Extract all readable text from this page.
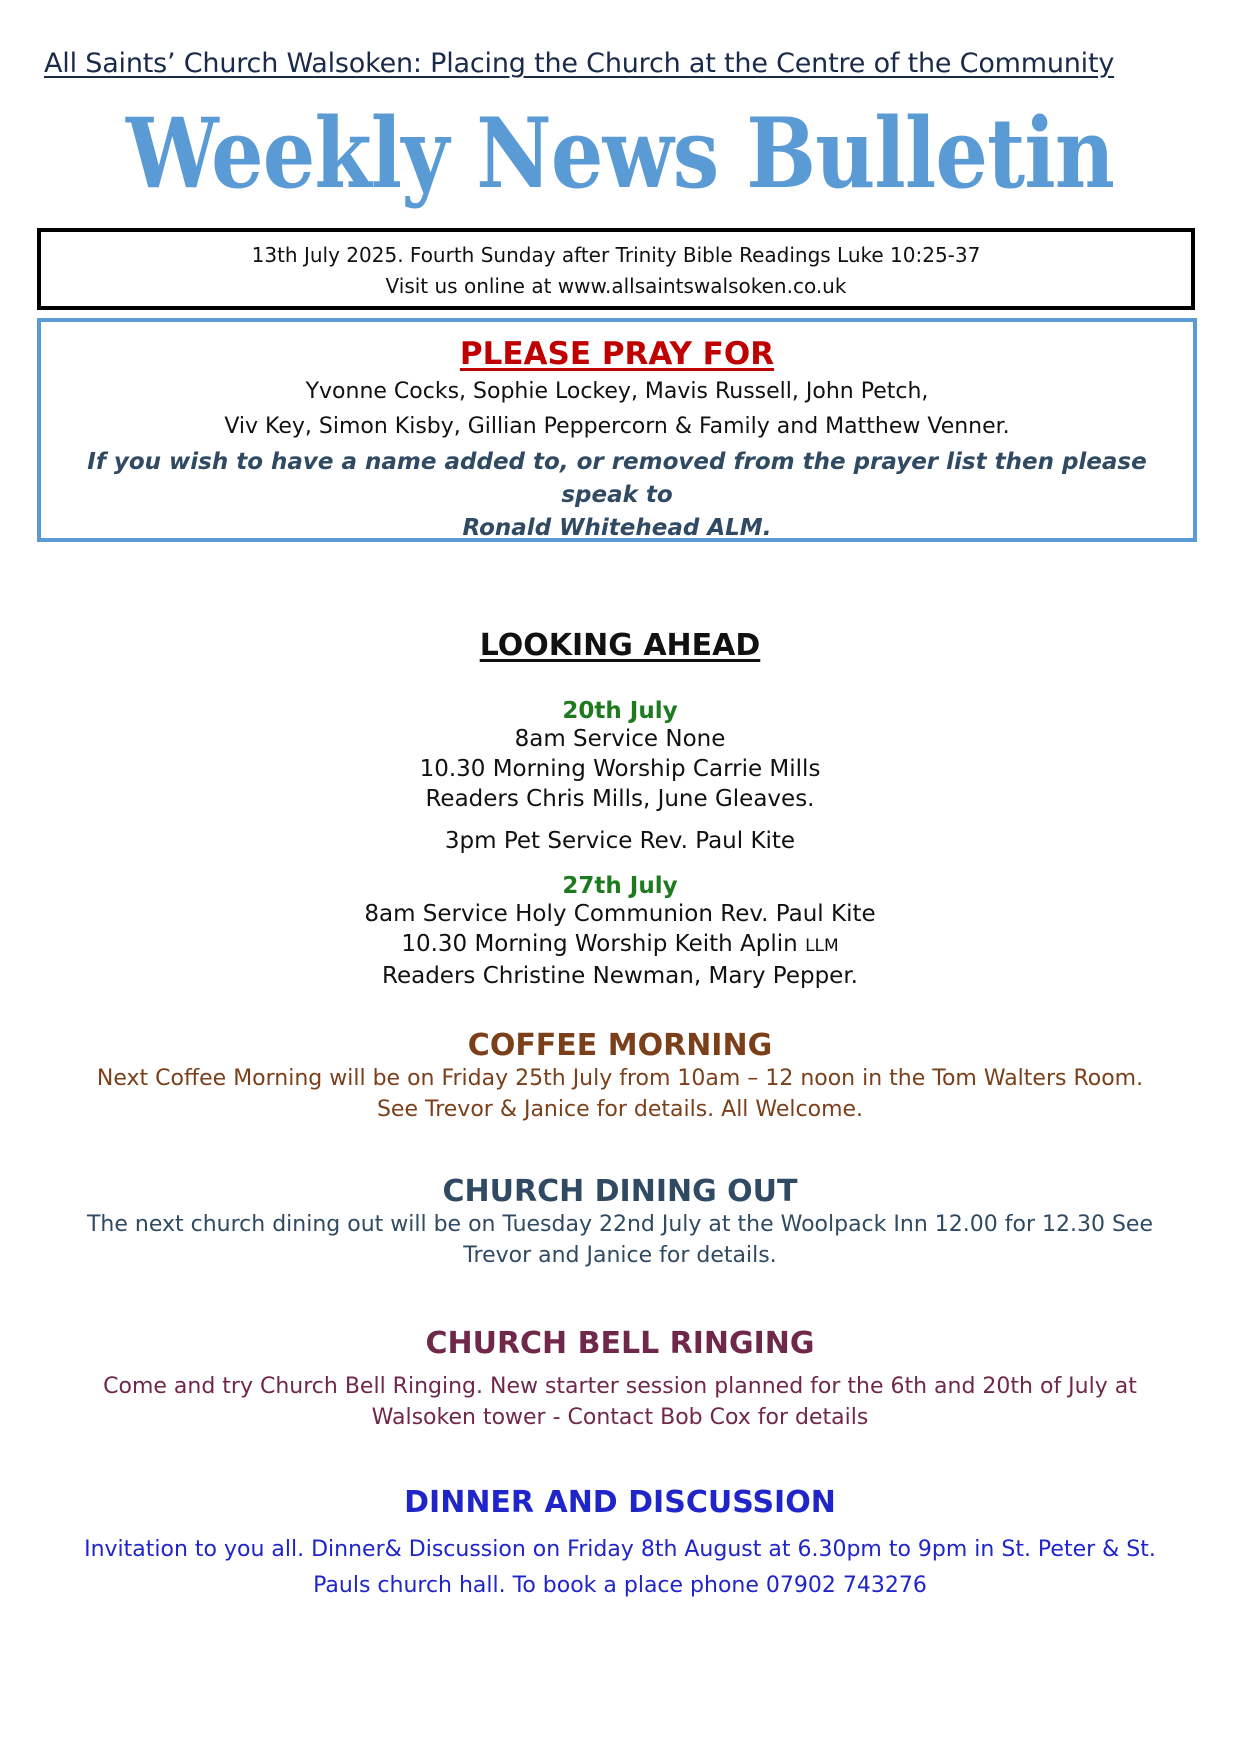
All Saints’ Church Walsoken: Placing the Church at the Centre of the Community
Weekly News Bulletin
13th July 2025. Fourth Sunday after Trinity Bible Readings Luke 10:25-37
Visit us online at www.allsaintswalsoken.co.uk
PLEASE PRAY FOR
Yvonne Cocks, Sophie Lockey, Mavis Russell, John Petch,
Viv Key, Simon Kisby, Gillian Peppercorn & Family and Matthew Venner.
If you wish to have a name added to, or removed from the prayer list then please speak to
Ronald Whitehead ALM.
LOOKING AHEAD
20th July
8am Service None
10.30 Morning Worship Carrie Mills
Readers Chris Mills, June Gleaves.
3pm Pet Service Rev. Paul Kite
27th July
8am Service Holy Communion Rev. Paul Kite
10.30 Morning Worship Keith Aplin LLM
Readers Christine Newman, Mary Pepper.
COFFEE MORNING
Next Coffee Morning will be on Friday 25th July from 10am – 12 noon in the Tom Walters Room.
See Trevor & Janice for details. All Welcome.
CHURCH DINING OUT
The next church dining out will be on Tuesday 22nd July at the Woolpack Inn 12.00 for 12.30 See
Trevor and Janice for details.
CHURCH BELL RINGING
Come and try Church Bell Ringing. New starter session planned for the 6th and 20th of July at
Walsoken tower - Contact Bob Cox for details
DINNER AND DISCUSSION
Invitation to you all. Dinner& Discussion on Friday 8th August at 6.30pm to 9pm in St. Peter & St.
Pauls church hall. To book a place phone 07902 743276
